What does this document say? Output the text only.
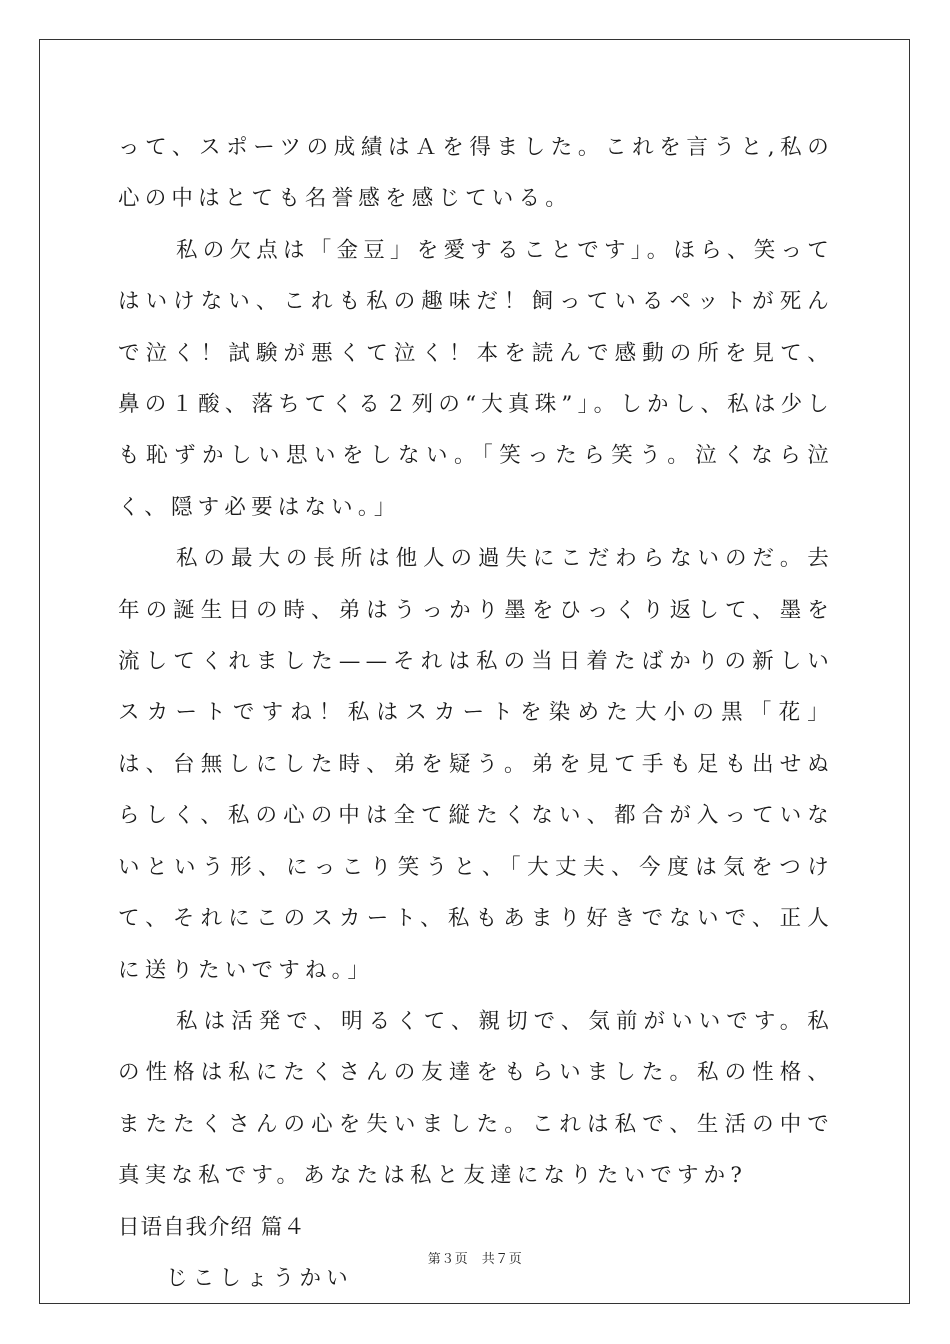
って、スポーツの成績はＡを得ました。これを言うと,私の心の中はとても名誉感を感じている。

私の欠点は「金豆」を愛することです」。ほら、笑ってはいけない、これも私の趣味だ！飼っているペットが死んで泣く！試験が悪くて泣く！本を読んで感動の所を見て、鼻の１酸、落ちてくる２列の“大真珠”」。しかし、私は少しも恥ずかしい思いをしない。「笑ったら笑う。泣くなら泣く、隠す必要はない。」

私の最大の長所は他人の過失にこだわらないのだ。去年の誕生日の時、弟はうっかり墨をひっくり返して、墨を流してくれました——それは私の当日着たばかりの新しいスカートですね！私はスカートを染めた大小の黒「花」は、台無しにした時、弟を疑う。弟を見て手も足も出せぬらしく、私の心の中は全て縦たくない、都合が入っていないという形、にっこり笑うと、「大丈夫、今度は気をつけて、それにこのスカート、私もあまり好きでないで、正人に送りたいですね。」

私は活発で、明るくて、親切で、気前がいいです。私の性格は私にたくさんの友達をもらいました。私の性格、またたくさんの心を失いました。これは私で、生活の中で真実な私です。あなたは私と友達になりたいですか?

日语自我介绍 篇４

じこしょうかい

第３页　共７页
